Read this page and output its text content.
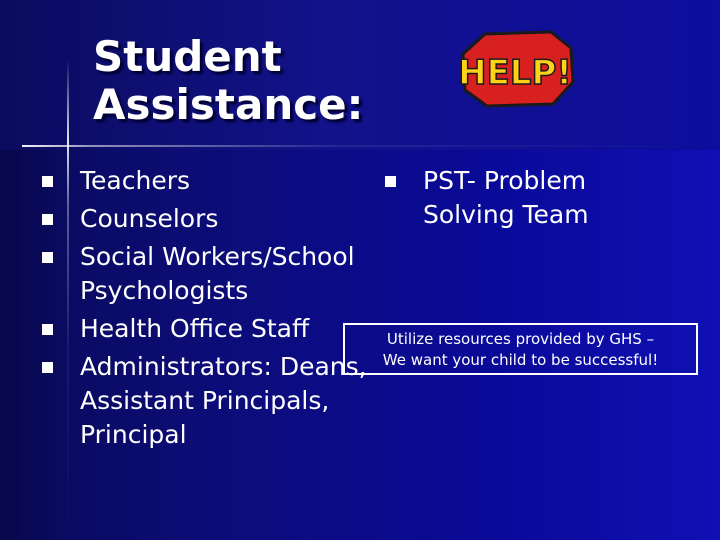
Student
Assistance:
HELP!
Teachers
Counselors
Social Workers/School Psychologists
Health Office Staff
Administrators: Deans, Assistant Principals, Principal
PST- Problem Solving Team
Utilize resources provided by GHS –
We want your child to be successful!
